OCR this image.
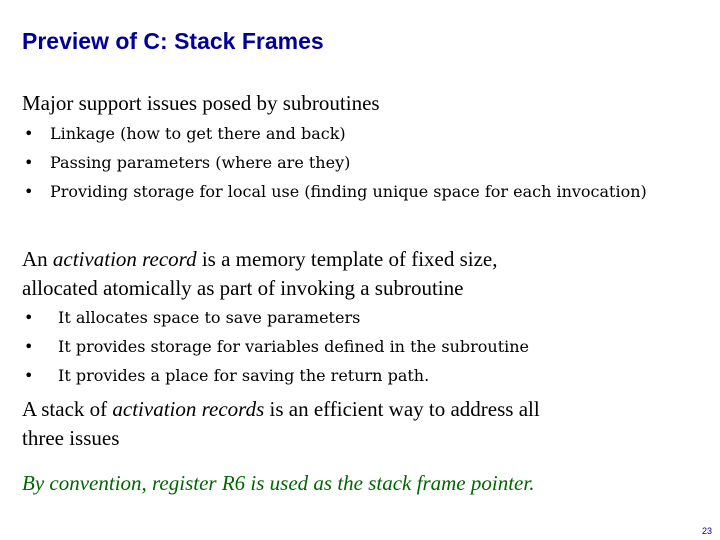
Preview of C: Stack Frames
Major support issues posed by subroutines
• Linkage (how to get there and back)
• Passing parameters (where are they)
• Providing storage for local use (finding unique space for each invocation)
An activation record is a memory template of fixed size,
allocated atomically as part of invoking a subroutine
• It allocates space to save parameters
• It provides storage for variables defined in the subroutine
• It provides a place for saving the return path.
A stack of activation records is an efficient way to address all
three issues
By convention, register R6 is used as the stack frame pointer.
23
